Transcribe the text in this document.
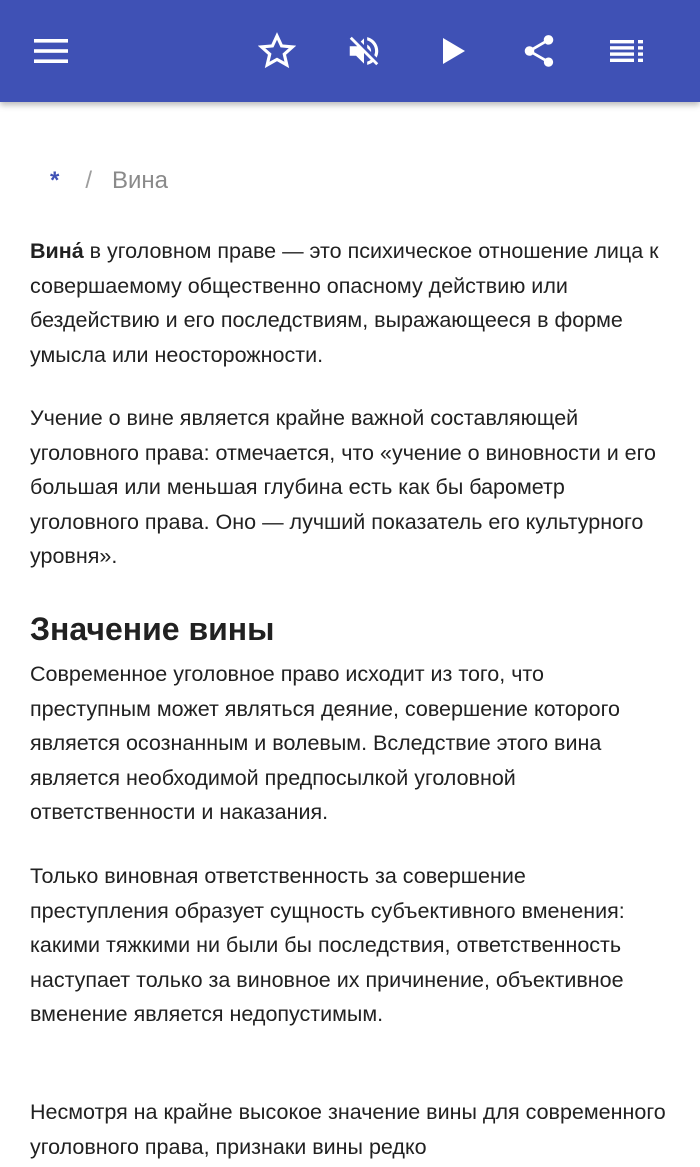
* / Вина

Вина́ в уголовном праве — это психическое отношение лица к совершаемому общественно опасному действию или бездействию и его последствиям, выражающееся в форме умысла или неосторожности.

Учение о вине является крайне важной составляющей уголовного права: отмечается, что «учение о виновности и его большая или меньшая глубина есть как бы барометр уголовного права. Оно — лучший показатель его культурного уровня».

Значение вины

Современное уголовное право исходит из того, что преступным может являться деяние, совершение которого является осознанным и волевым. Вследствие этого вина является необходимой предпосылкой уголовной ответственности и наказания.

Только виновная ответственность за совершение преступления образует сущность субъективного вменения: какими тяжкими ни были бы последствия, ответственность наступает только за виновное их причинение, объективное вменение является недопустимым.

Несмотря на крайне высокое значение вины для современного уголовного права, признаки вины редко
